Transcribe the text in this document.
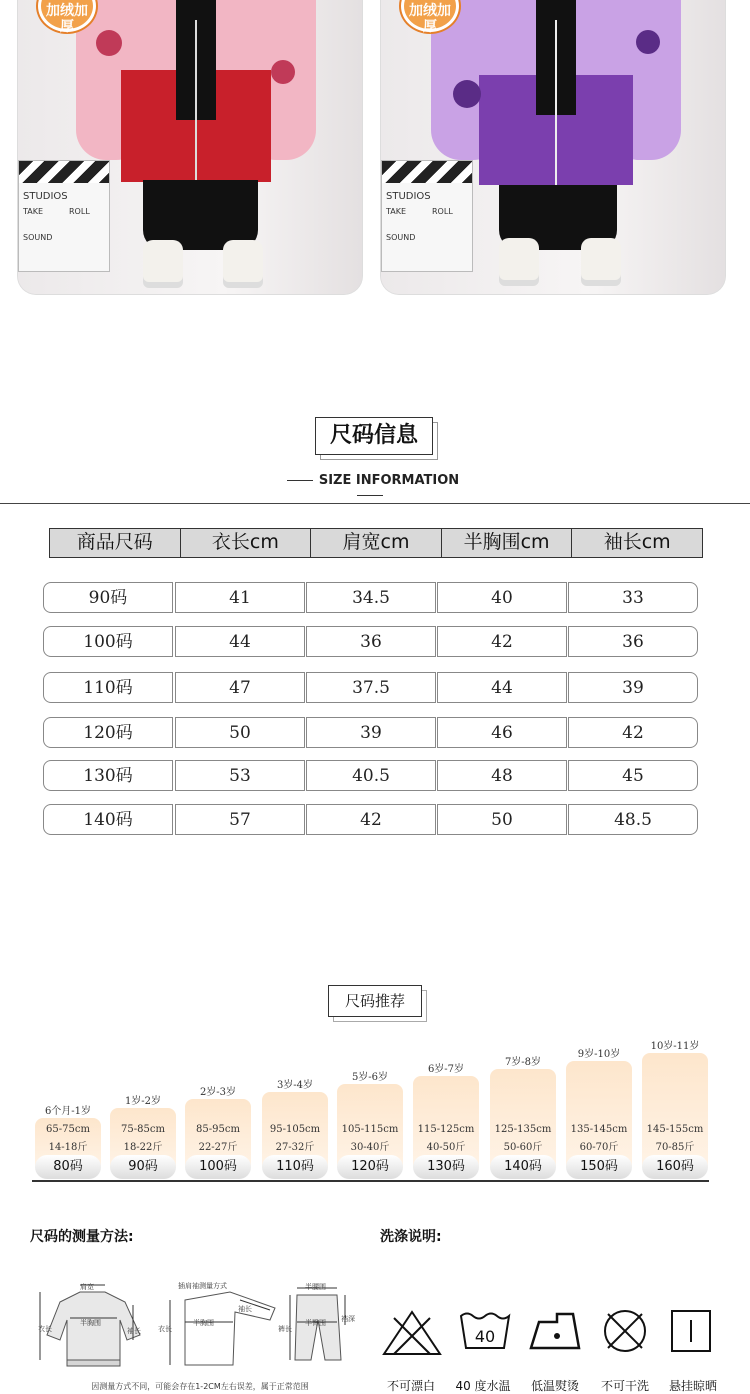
STUDIOS
TAKE	ROLL
SOUND
加绒加厚
STUDIOS
TAKE	ROLL
SOUND
加绒加厚
尺码信息
SIZE INFORMATION
商品尺码	衣长cm	肩宽cm	半胸围cm	袖长cm
90码	41	34.5	40	33
100码	44	36	42	36
110码	47	37.5	44	39
120码	50	39	46	42
130码	53	40.5	48	45
140码	57	42	50	48.5
尺码推荐
65-75cm
14-18斤
6个月-1岁
80码
75-85cm
18-22斤
1岁-2岁
90码
85-95cm
22-27斤
2岁-3岁
100码
95-105cm
27-32斤
3岁-4岁
110码
105-115cm
30-40斤
5岁-6岁
120码
115-125cm
40-50斤
6岁-7岁
130码
125-135cm
50-60斤
7岁-8岁
140码
135-145cm
60-70斤
9岁-10岁
150码
145-155cm
70-85斤
10岁-11岁
160码
尺码的测量方法:
肩宽
衣长
半胸围
袖长
插肩袖测量方式
衣长
半胸围
袖长
半腰围
裤长
裆深
半臀围
因测量方式不同，可能会存在1-2CM左右误差，属于正常范围
洗涤说明:
40
不可漂白	40 度水温	低温熨烫	不可干洗	悬挂晾晒
